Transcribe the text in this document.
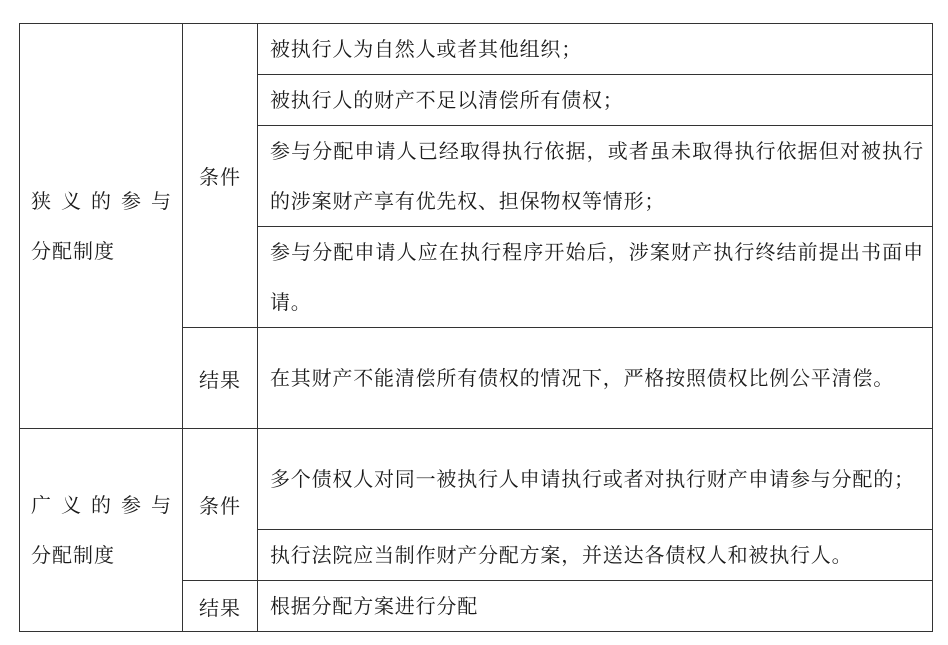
狭义的参与
分配制度	条件	被执行人为自然人或者其他组织；
		被执行人的财产不足以清偿所有债权；
		参与分配申请人已经取得执行依据，或者虽未取得执行依据但对被执行的涉案财产享有优先权、担保物权等情形；
		参与分配申请人应在执行程序开始后，涉案财产执行终结前提出书面申请。
	结果	在其财产不能清偿所有债权的情况下，严格按照债权比例公平清偿。

广义的参与
分配制度	条件	多个债权人对同一被执行人申请执行或者对执行财产申请参与分配的；
		执行法院应当制作财产分配方案，并送达各债权人和被执行人。
	结果	根据分配方案进行分配
